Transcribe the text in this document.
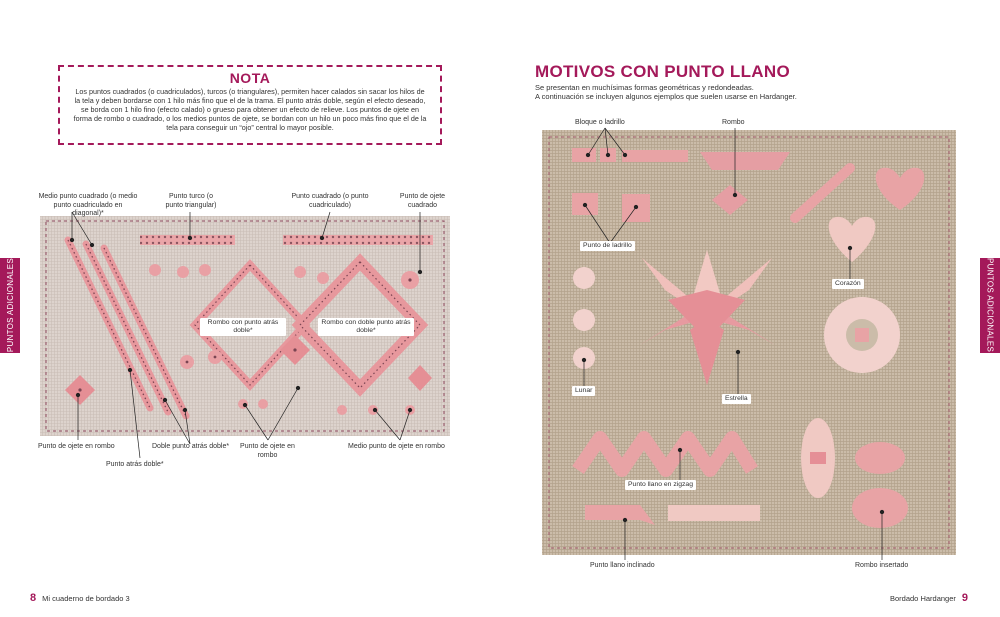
NOTA
Los puntos cuadrados (o cuadriculados), turcos (o triangulares), permiten hacer calados sin sacar los hilos de la tela y deben bordarse con 1 hilo más fino que el de la trama. El punto atrás doble, según el efecto deseado, se borda con 1 hilo fino (efecto calado) o grueso para obtener un efecto de relieve. Los puntos de ojete en forma de rombo o cuadrado, o los medios puntos de ojete, se bordan con un hilo un poco más fino que el de la tela para conseguir un “ojo” central lo mayor posible.
PUNTOS ADICIONALES	PUNTOS ADICIONALES
Medio punto cuadrado (o medio punto cuadriculado en diagonal)*
Punto turco (o punto triangular)
Punto cuadrado (o punto cuadriculado)
Punto de ojete cuadrado
Rombo con punto atrás doble*
Rombo con doble punto atrás doble*
Punto de ojete en rombo
Punto atrás doble*
Doble punto atrás doble* Punto de ojete en rombo
Medio punto de ojete en rombo
MOTIVOS CON PUNTO LLANO
Se presentan en muchísimas formas geométricas y redondeadas.
A continuación se incluyen algunos ejemplos que suelen usarse en Hardanger.
Bloque o ladrillo	Rombo
Punto de ladrillo
Corazón
Lunar
Estrella
Punto llano en zigzag
Punto llano inclinado	Rombo insertado
8 Mi cuaderno de bordado 3	Bordado Hardanger 9
